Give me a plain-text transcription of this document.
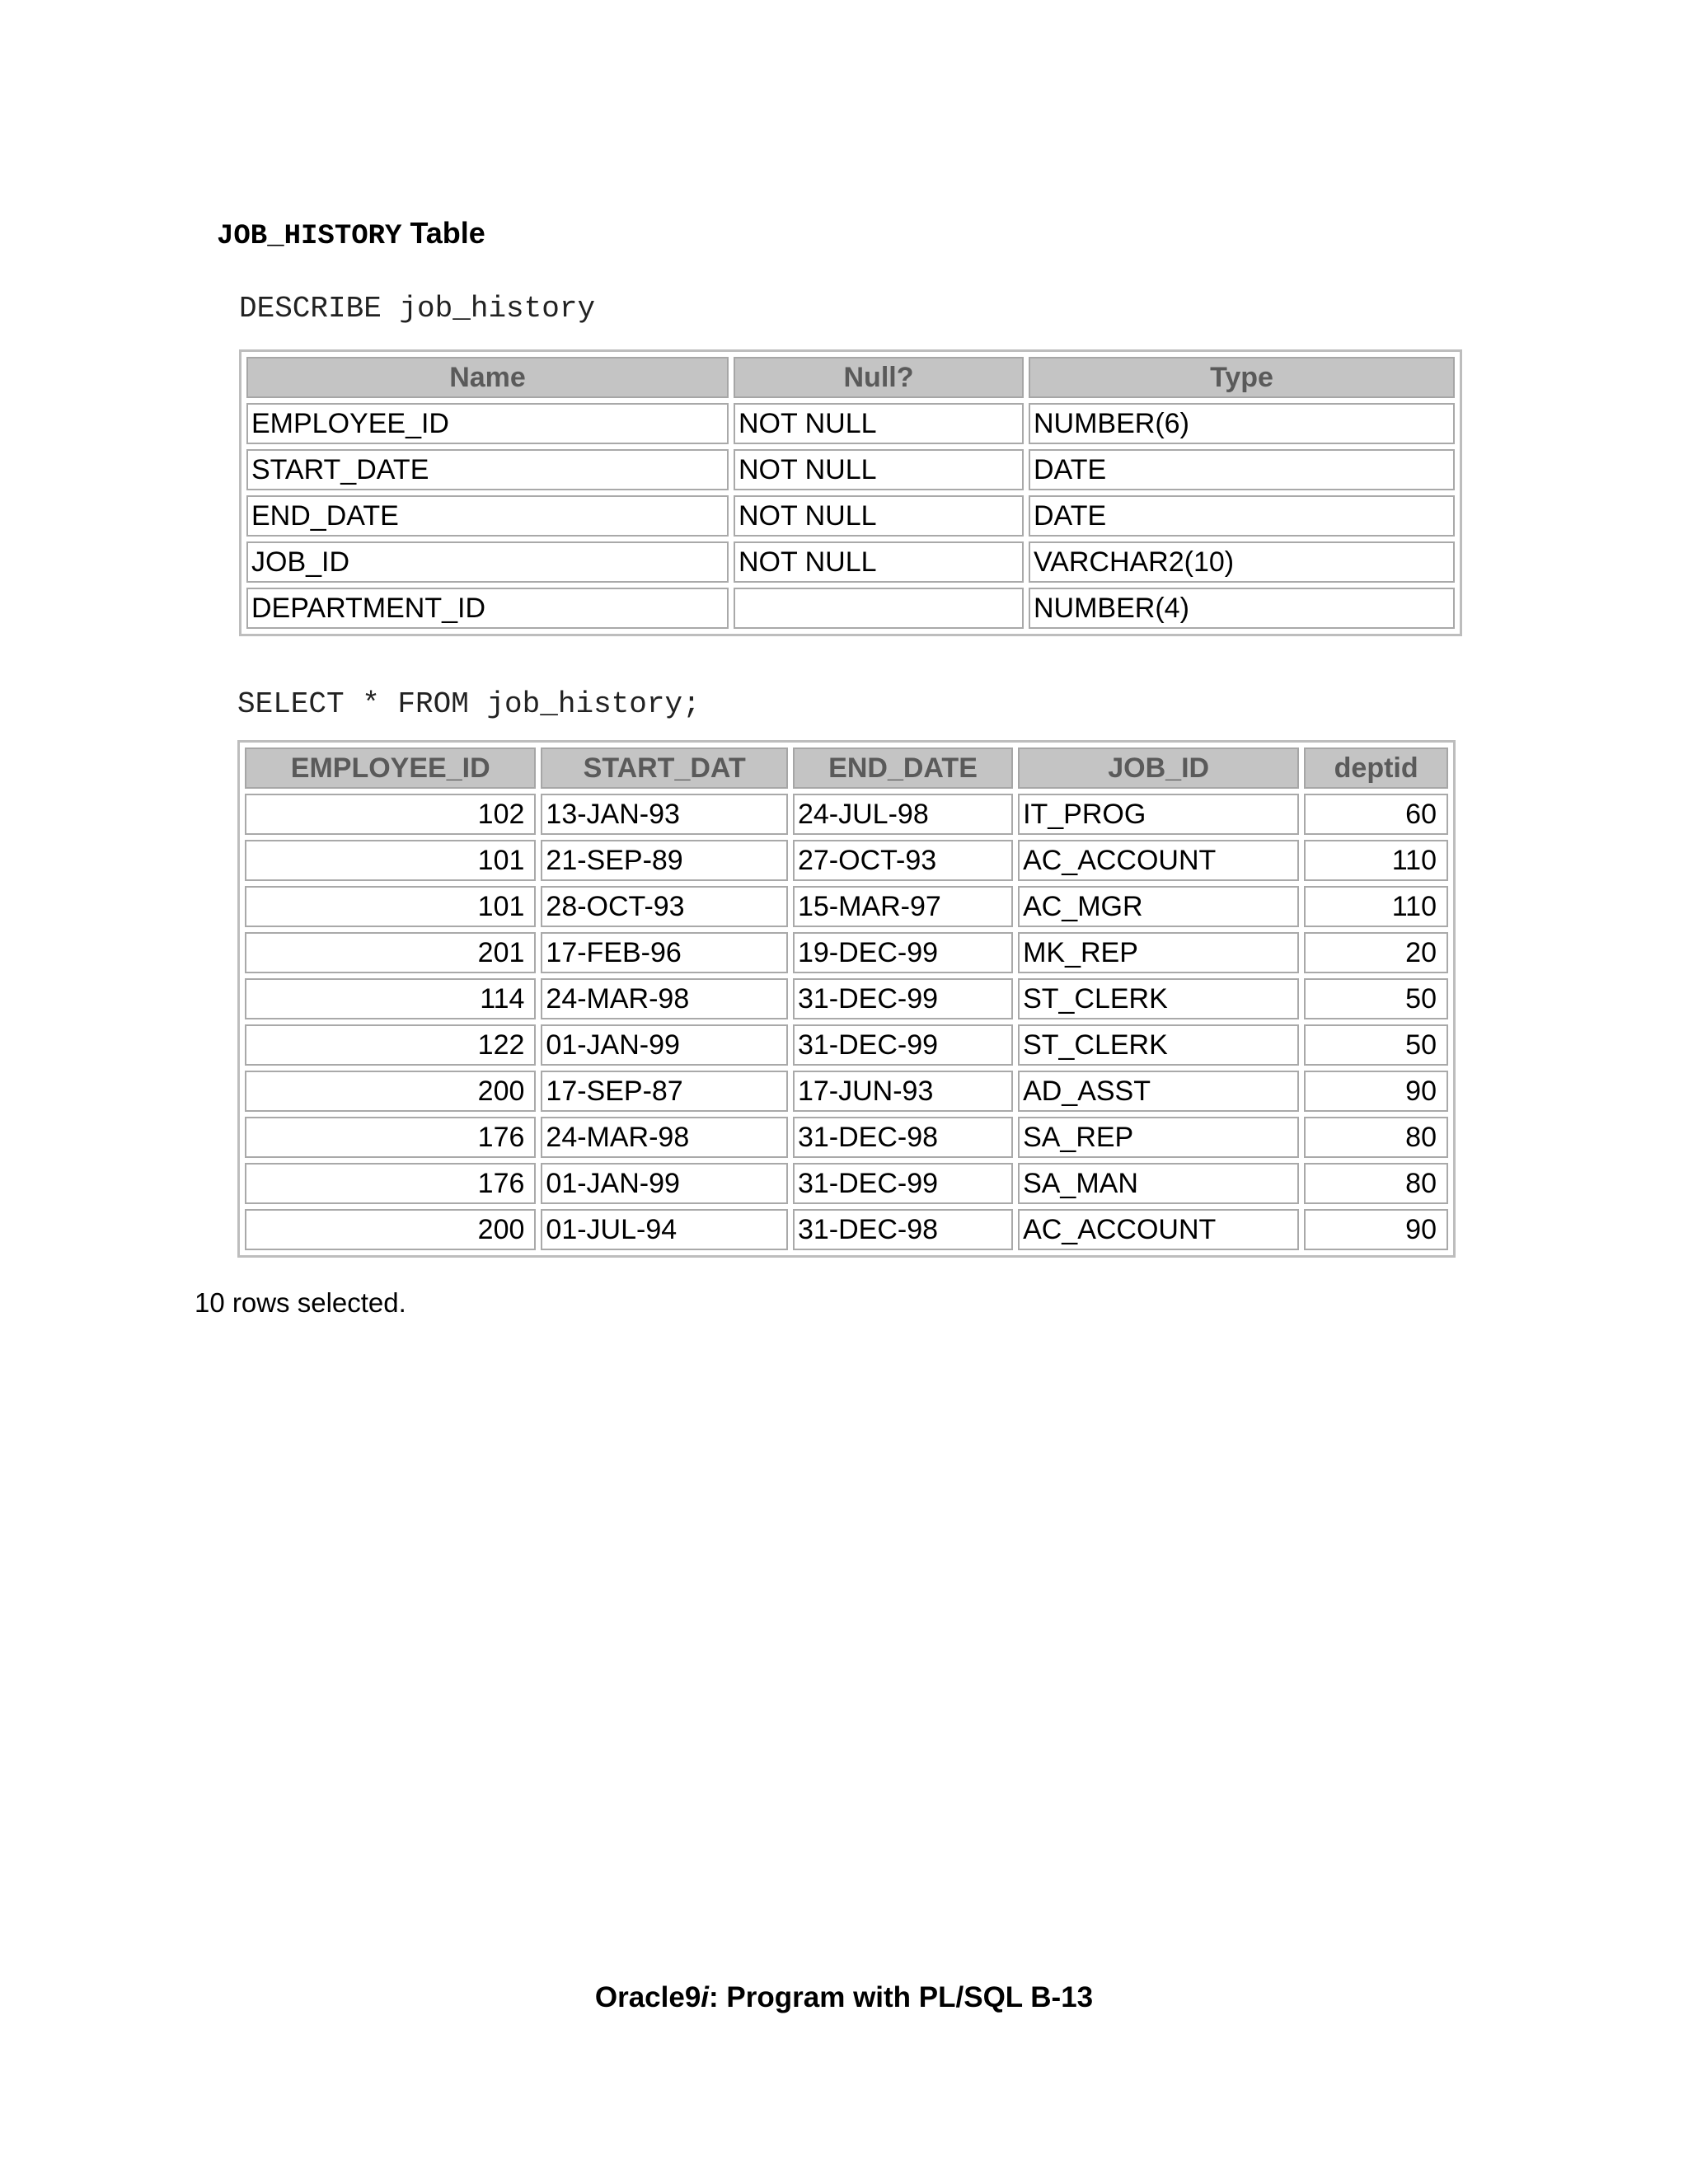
JOB_HISTORY Table
DESCRIBE job_history
Name	Null?	Type
EMPLOYEE_ID	NOT NULL	NUMBER(6)
START_DATE	NOT NULL	DATE
END_DATE	NOT NULL	DATE
JOB_ID	NOT NULL	VARCHAR2(10)
DEPARTMENT_ID		NUMBER(4)
SELECT * FROM job_history;
EMPLOYEE_ID	START_DAT	END_DATE	JOB_ID	deptid
102	13-JAN-93	24-JUL-98	IT_PROG	60
101	21-SEP-89	27-OCT-93	AC_ACCOUNT	110
101	28-OCT-93	15-MAR-97	AC_MGR	110
201	17-FEB-96	19-DEC-99	MK_REP	20
114	24-MAR-98	31-DEC-99	ST_CLERK	50
122	01-JAN-99	31-DEC-99	ST_CLERK	50
200	17-SEP-87	17-JUN-93	AD_ASST	90
176	24-MAR-98	31-DEC-98	SA_REP	80
176	01-JAN-99	31-DEC-99	SA_MAN	80
200	01-JUL-94	31-DEC-98	AC_ACCOUNT	90
10 rows selected.
Oracle9i: Program with PL/SQL B-13
